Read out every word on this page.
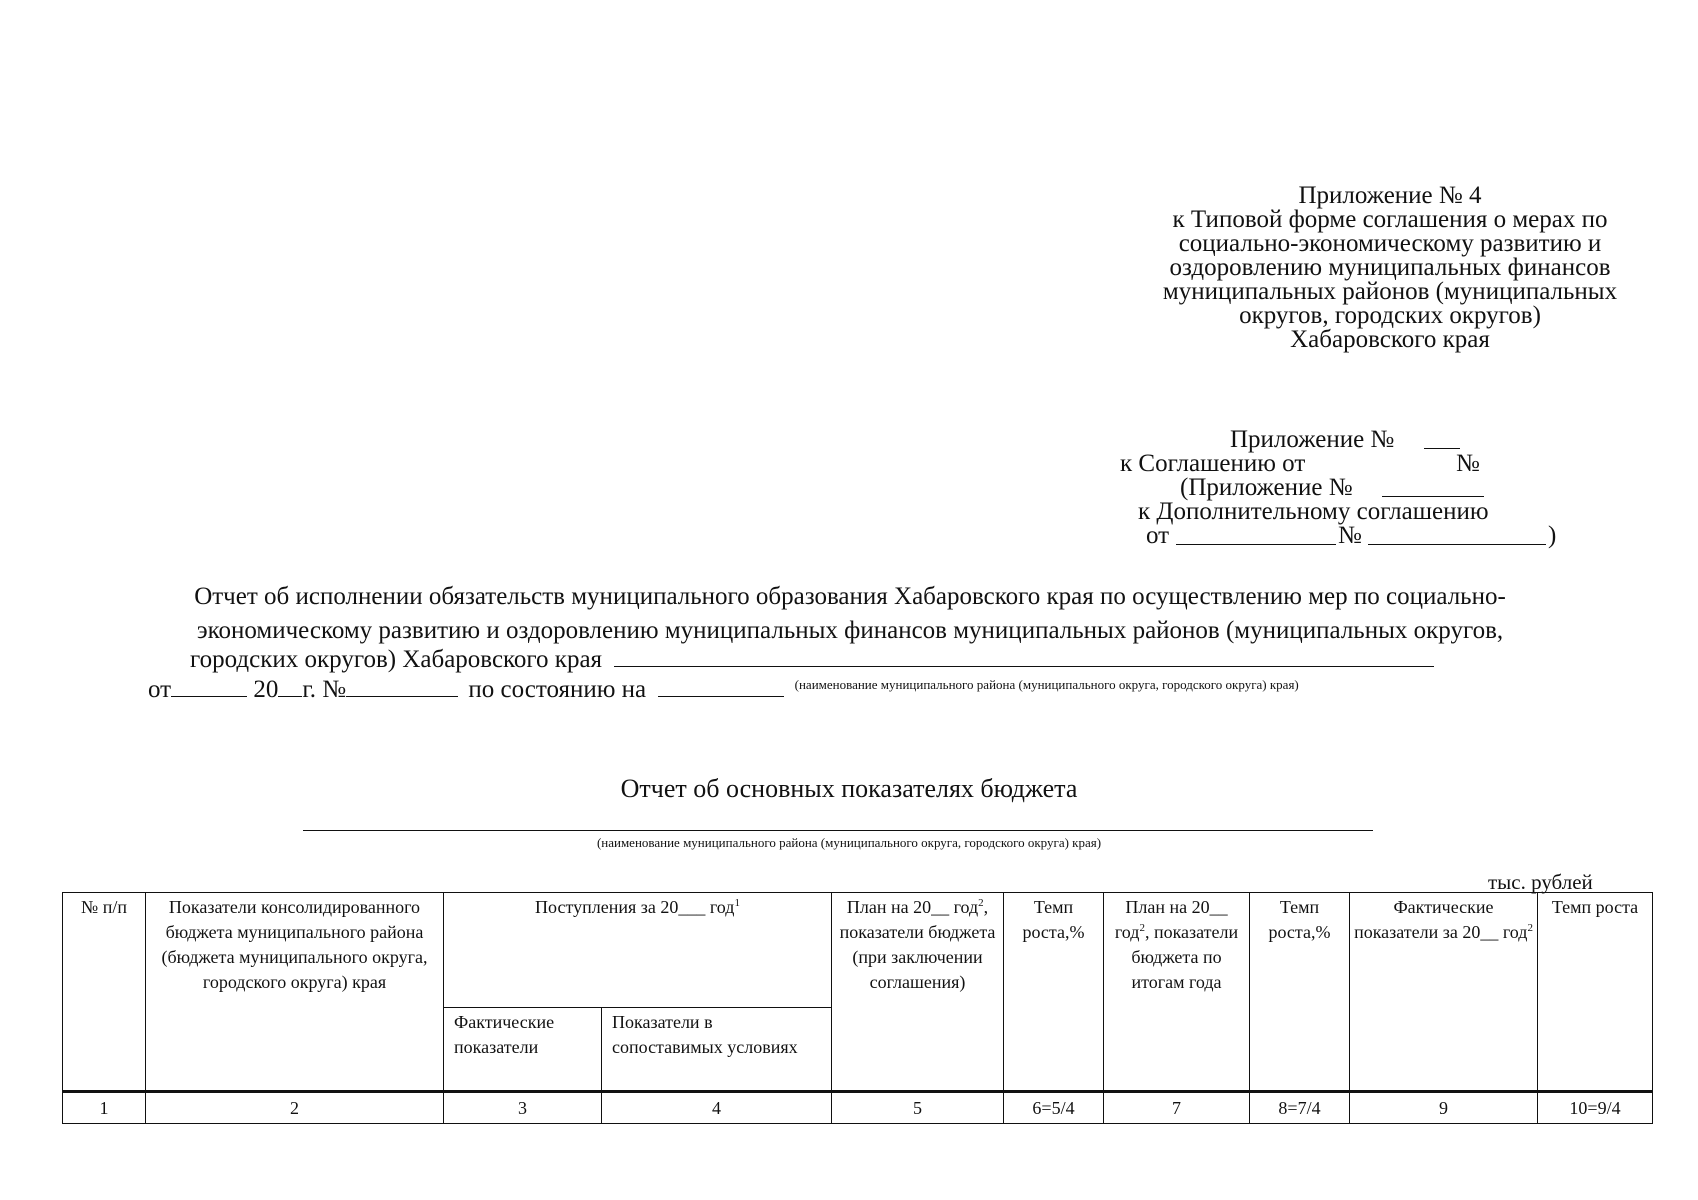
Приложение № 4
к Типовой форме соглашения о мерах по
социально-экономическому развитию и
оздоровлению муниципальных финансов
муниципальных районов (муниципальных
округов, городских округов)
Хабаровского края
Приложение №
к Соглашению от	№
(Приложение №
к Дополнительному соглашению
от	№	)
Отчет об исполнении обязательств муниципального образования Хабаровского края по осуществлению мер по социально-
экономическому развитию и оздоровлению муниципальных финансов муниципальных районов (муниципальных округов,
городских округов) Хабаровского края
от	20 г. №	по состоянию на	$^{(наименование муниципального района (муниципального округа, городского округа) края)}$
Отчет об основных показателях бюджета
(наименование муниципального района (муниципального округа, городского округа) края)
тыс. рублей
№ п/п	Показатели консолидированного бюджета муниципального района (бюджета муниципального округа, городского округа) края	Поступления за 20___ год$^1$		План на 20__ год$^2$, показатели бюджета (при заключении соглашения)	Темп роста,%	План на 20__ год$^2$, показатели бюджета по итогам года	Темп роста,%	Фактические показатели за 20__ год$^2$	Темп роста
		Фактические показатели	Показатели в сопоставимых условиях						
1	2	3	4	5	6=5/4	7	8=7/4	9	10=9/4
